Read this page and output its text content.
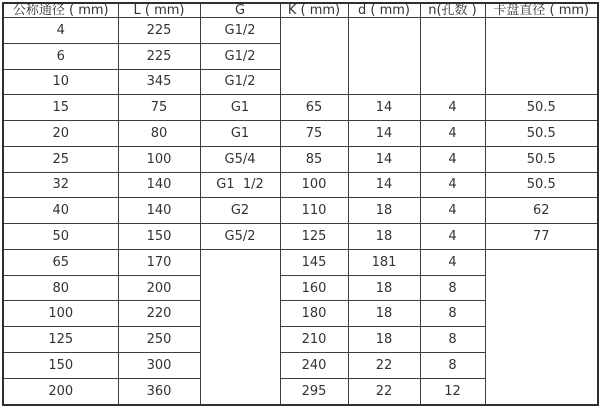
公称通径 ( mm)	L ( mm)	G	K ( mm)	d ( mm)	n(孔数 )	卡盘直径 ( mm)
4	225	G1/2				
6	225	G1/2				
10	345	G1/2				
15	75	G1	65	14	4	50.5
20	80	G1	75	14	4	50.5
25	100	G5/4	85	14	4	50.5
32	140	G1  1/2	100	14	4	50.5
40	140	G2	110	18	4	62
50	150	G5/2	125	18	4	77
65	170		145	181	4	
80	200		160	18	8	
100	220		180	18	8	
125	250		210	18	8	
150	300		240	22	8	
200	360		295	22	12	
